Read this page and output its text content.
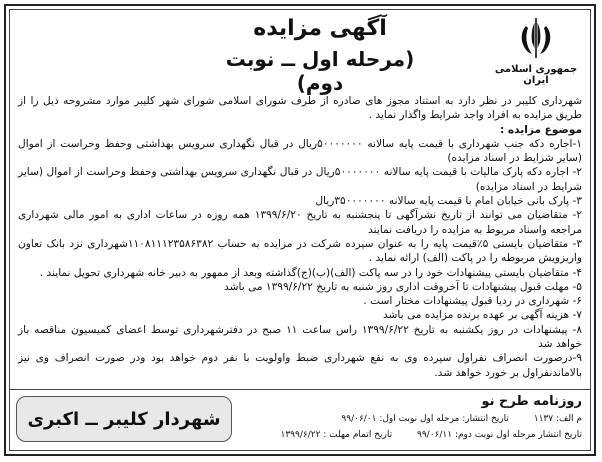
آگهی مزایده
(مرحله اول ــ نوبت دوم)
جمهوری اسلامی ایران

شهرداری کلیبر در نظر دارد به استناد مجوز های صادره از طرف شورای اسلامی شورای شهر کلیبر موارد مشروحه ذیل را از طریق مزایده به افراد واجد شرایط واگذار نماید .

موضوع مزایده :

۱-اجاره دکه جنب شهرداری با قیمت پایه سالانه ۵۰۰۰۰۰۰۰ریال در قبال نگهداری سرویس بهداشتی وحفظ وحراست از اموال (سایر شرایط در اسناد مزایده)

۲- اجاره دکه پارک مالیات با قیمت پایه سالانه ۵۰۰۰۰۰۰۰ریال در قبال نگهداری سرویس بهداشتی وحفظ وحراست از اموال (سایر شرایط در اسناد مزایده)

۳- پارک بانی خیابان امام با قیمت پایه سالانه ۳۵۰۰۰۰۰۰۰ریال

۲- متقاضیان می توانند از تاریخ نشرآگهی تا پنجشنبه به تاریخ ۱۳۹۹/۶/۲۰ همه روزه در ساعات اداری به امور مالی شهرداری مراجعه واسناد مربوط به مزایده را دریافت نمایند

۳- متقاضیان بایستی ۵٪قیمت پایه را به عنوان سپرده شرکت در مزایده به حساب ۱۱۰۸۱۱۱۲۳۵۸۶۳۸۲شهرداری نزد بانک تعاون واریزویش مربوطه را در پاکت (الف) ارائه نماید .

۴- متقاضیان بایستی پیشنهادات خود را در سه پاکت (الف)(ب)(ج)گذاشته وبعد از ممهور به دبیر خانه شهرداری تحویل نمایند .

۵- مهلت قبول پیشنهادات تا آخروقت اداری روز شنبه به تاریخ ۱۳۹۹/۶/۲۲ می باشد

۶- شهرداری در ردیا قبول پیشنهادات مختار است .

۷- هزینه آگهی بر عهده برنده مزایده می باشد

۸- پیشنهادات در روز یکشنبه به تاریخ ۱۳۹۹/۶/۲۲ راس ساعت ۱۱ صبح در دفترشهرداری توسط اعضای کمیسیون مناقصه باز خواهد شد

۹-درصورت انصراف نفراول سپرده وی به نفع شهرداری ضبط واولویت با نفر دوم خواهد بود ودر صورت انصراف وی نیز بالاماندنفراول بر خورد خواهد شد.

روزنامه طرح نو
م الف: ۱۱۳۷ تاریخ انتشار: مرحله اول نوبت اول: ۹۹/۰۶/۰۱
تاریخ انتشار مرحله اول نوبت دوم: ۹۹/۰۶/۱۱ تاریخ اتمام مهلت : ۱۳۹۹/۶/۲۲
شهردار کلیبر ــ اکبری
